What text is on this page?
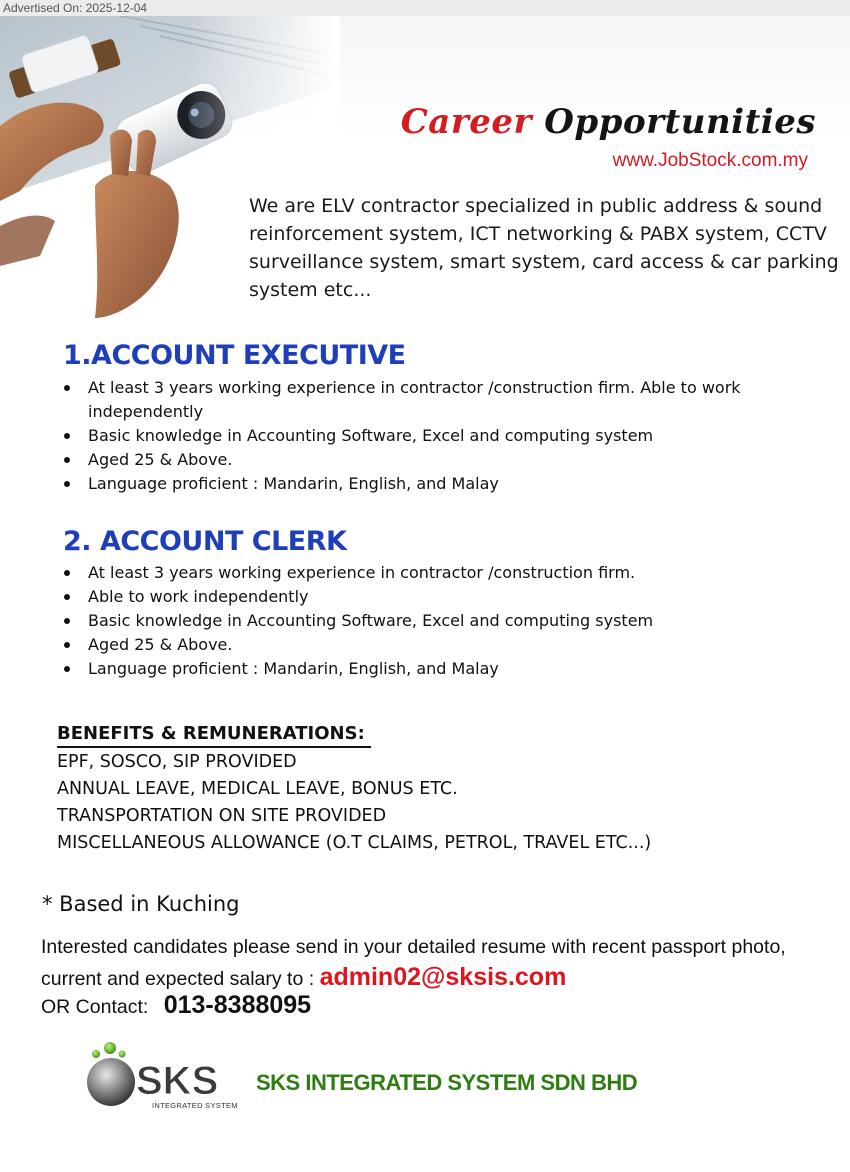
Advertised On: 2025-12-04
Career Opportunities
www.JobStock.com.my
We are ELV contractor specialized in public address & sound reinforcement system, ICT networking & PABX system, CCTV surveillance system, smart system, card access & car parking system etc...
1.ACCOUNT EXECUTIVE
At least 3 years working experience in contractor /construction firm. Able to work independently
Basic knowledge in Accounting Software, Excel and computing system
Aged 25 & Above.
Language proficient : Mandarin, English, and Malay
2. ACCOUNT CLERK
At least 3 years working experience in contractor /construction firm.
Able to work independently
Basic knowledge in Accounting Software, Excel and computing system
Aged 25 & Above.
Language proficient : Mandarin, English, and Malay
BENEFITS & REMUNERATIONS:
EPF, SOSCO, SIP PROVIDED
ANNUAL LEAVE, MEDICAL LEAVE, BONUS ETC.
TRANSPORTATION ON SITE PROVIDED
MISCELLANEOUS ALLOWANCE (O.T CLAIMS, PETROL, TRAVEL ETC...)
* Based in Kuching
Interested candidates please send in your detailed resume with recent passport photo,
current and expected salary to : admin02@sksis.com
OR Contact: 013-8388095
SKS
INTEGRATED SYSTEM
SKS INTEGRATED SYSTEM SDN BHD
